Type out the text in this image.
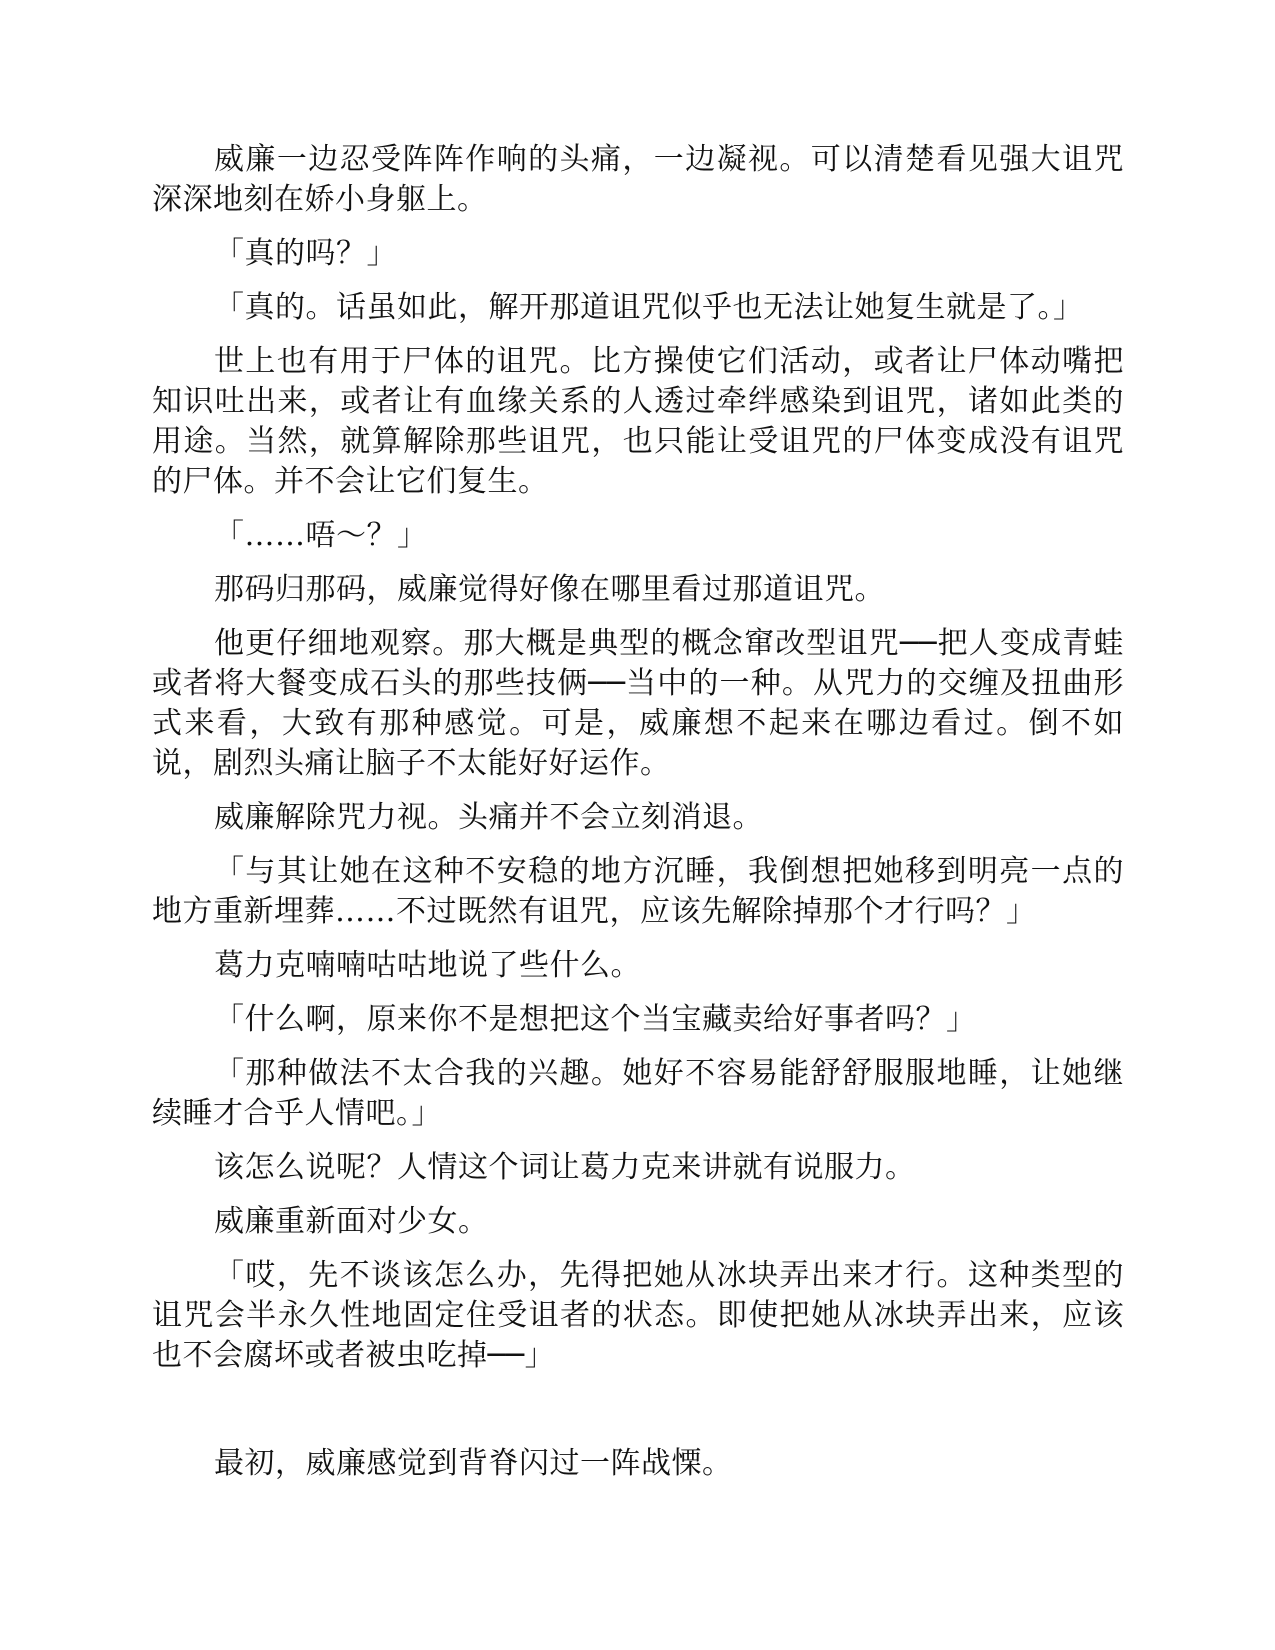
威廉一边忍受阵阵作响的头痛，一边凝视。可以清楚看见强大诅咒深深地刻在娇小身躯上。

「真的吗？」

「真的。话虽如此，解开那道诅咒似乎也无法让她复生就是了。」

世上也有用于尸体的诅咒。比方操使它们活动，或者让尸体动嘴把知识吐出来，或者让有血缘关系的人透过牵绊感染到诅咒，诸如此类的用途。当然，就算解除那些诅咒，也只能让受诅咒的尸体变成没有诅咒的尸体。并不会让它们复生。

「……唔～？」

那码归那码，威廉觉得好像在哪里看过那道诅咒。

他更仔细地观察。那大概是典型的概念窜改型诅咒──把人变成青蛙或者将大餐变成石头的那些技俩──当中的一种。从咒力的交缠及扭曲形式来看，大致有那种感觉。可是，威廉想不起来在哪边看过。倒不如说，剧烈头痛让脑子不太能好好运作。

威廉解除咒力视。头痛并不会立刻消退。

「与其让她在这种不安稳的地方沉睡，我倒想把她移到明亮一点的地方重新埋葬……不过既然有诅咒，应该先解除掉那个才行吗？」

葛力克喃喃咕咕地说了些什么。

「什么啊，原来你不是想把这个当宝藏卖给好事者吗？」

「那种做法不太合我的兴趣。她好不容易能舒舒服服地睡，让她继续睡才合乎人情吧。」

该怎么说呢？人情这个词让葛力克来讲就有说服力。

威廉重新面对少女。

「哎，先不谈该怎么办，先得把她从冰块弄出来才行。这种类型的诅咒会半永久性地固定住受诅者的状态。即使把她从冰块弄出来，应该也不会腐坏或者被虫吃掉──」

最初，威廉感觉到背脊闪过一阵战慄。
